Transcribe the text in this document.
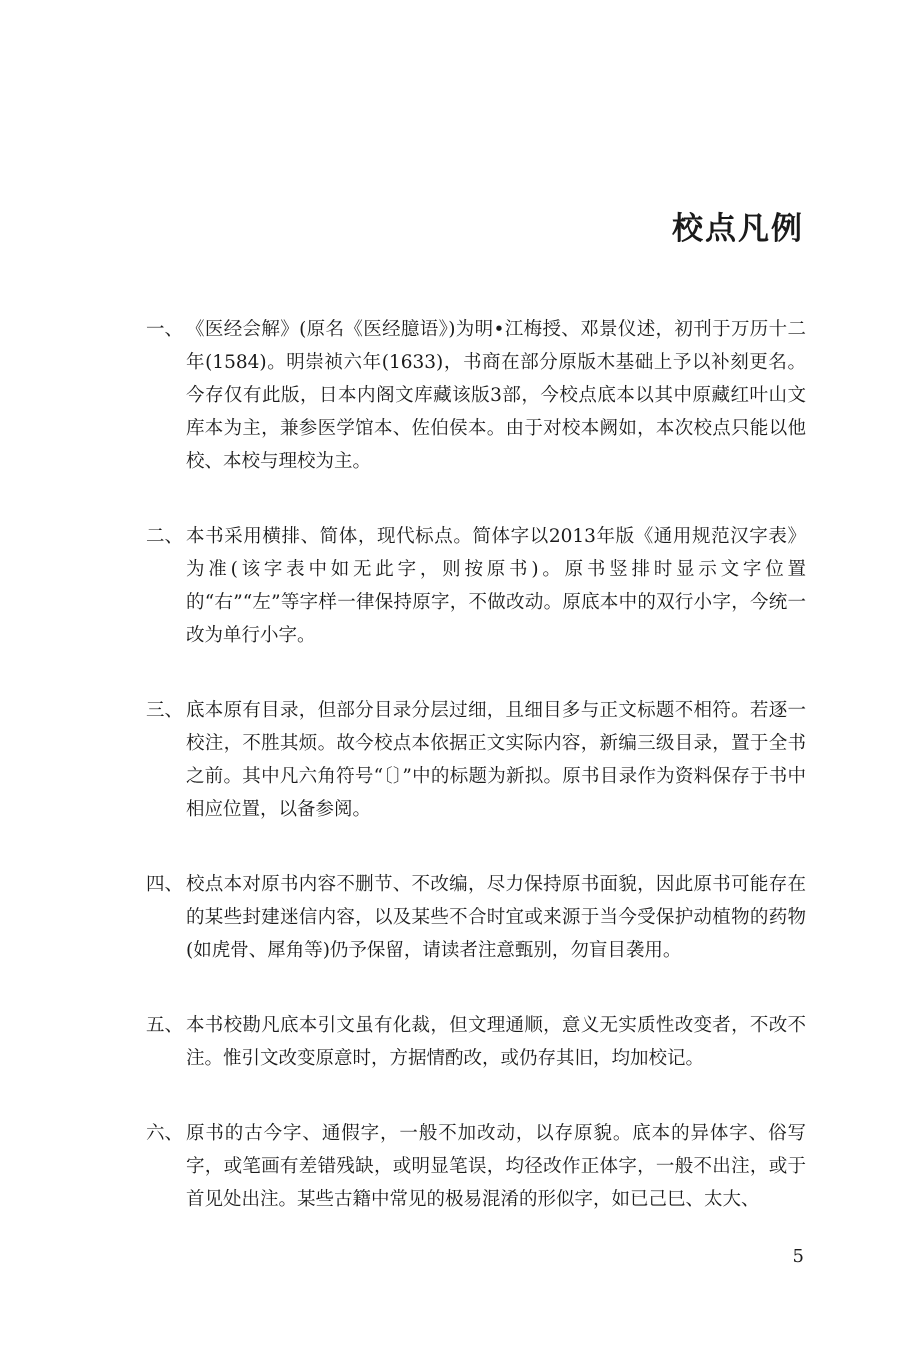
校点凡例
一、 《医经会解》(原名《医经臆语》)为明•江梅授、邓景仪述，初刊于万历十二年(1584)。明崇祯六年(1633)，书商在部分原版木基础上予以补刻更名。今存仅有此版，日本内阁文库藏该版3部，今校点底本以其中原藏红叶山文库本为主，兼参医学馆本、佐伯侯本。由于对校本阙如，本次校点只能以他校、本校与理校为主。
二、 本书采用横排、简体，现代标点。简体字以2013年版《通用规范汉字表》为准(该字表中如无此字，则按原书)。原书竖排时显示文字位置的“右”“左”等字样一律保持原字，不做改动。原底本中的双行小字，今统一改为单行小字。
三、 底本原有目录，但部分目录分层过细，且细目多与正文标题不相符。若逐一校注，不胜其烦。故今校点本依据正文实际内容，新编三级目录，置于全书之前。其中凡六角符号“〔〕”中的标题为新拟。原书目录作为资料保存于书中相应位置，以备参阅。
四、 校点本对原书内容不删节、不改编，尽力保持原书面貌，因此原书可能存在的某些封建迷信内容，以及某些不合时宜或来源于当今受保护动植物的药物(如虎骨、犀角等)仍予保留，请读者注意甄别，勿盲目袭用。
五、 本书校勘凡底本引文虽有化裁，但文理通顺，意义无实质性改变者，不改不注。惟引文改变原意时，方据情酌改，或仍存其旧，均加校记。
六、 原书的古今字、通假字，一般不加改动，以存原貌。底本的异体字、俗写字，或笔画有差错残缺，或明显笔误，均径改作正体字，一般不出注，或于首见处出注。某些古籍中常见的极易混淆的形似字，如已己巳、太大、
5
